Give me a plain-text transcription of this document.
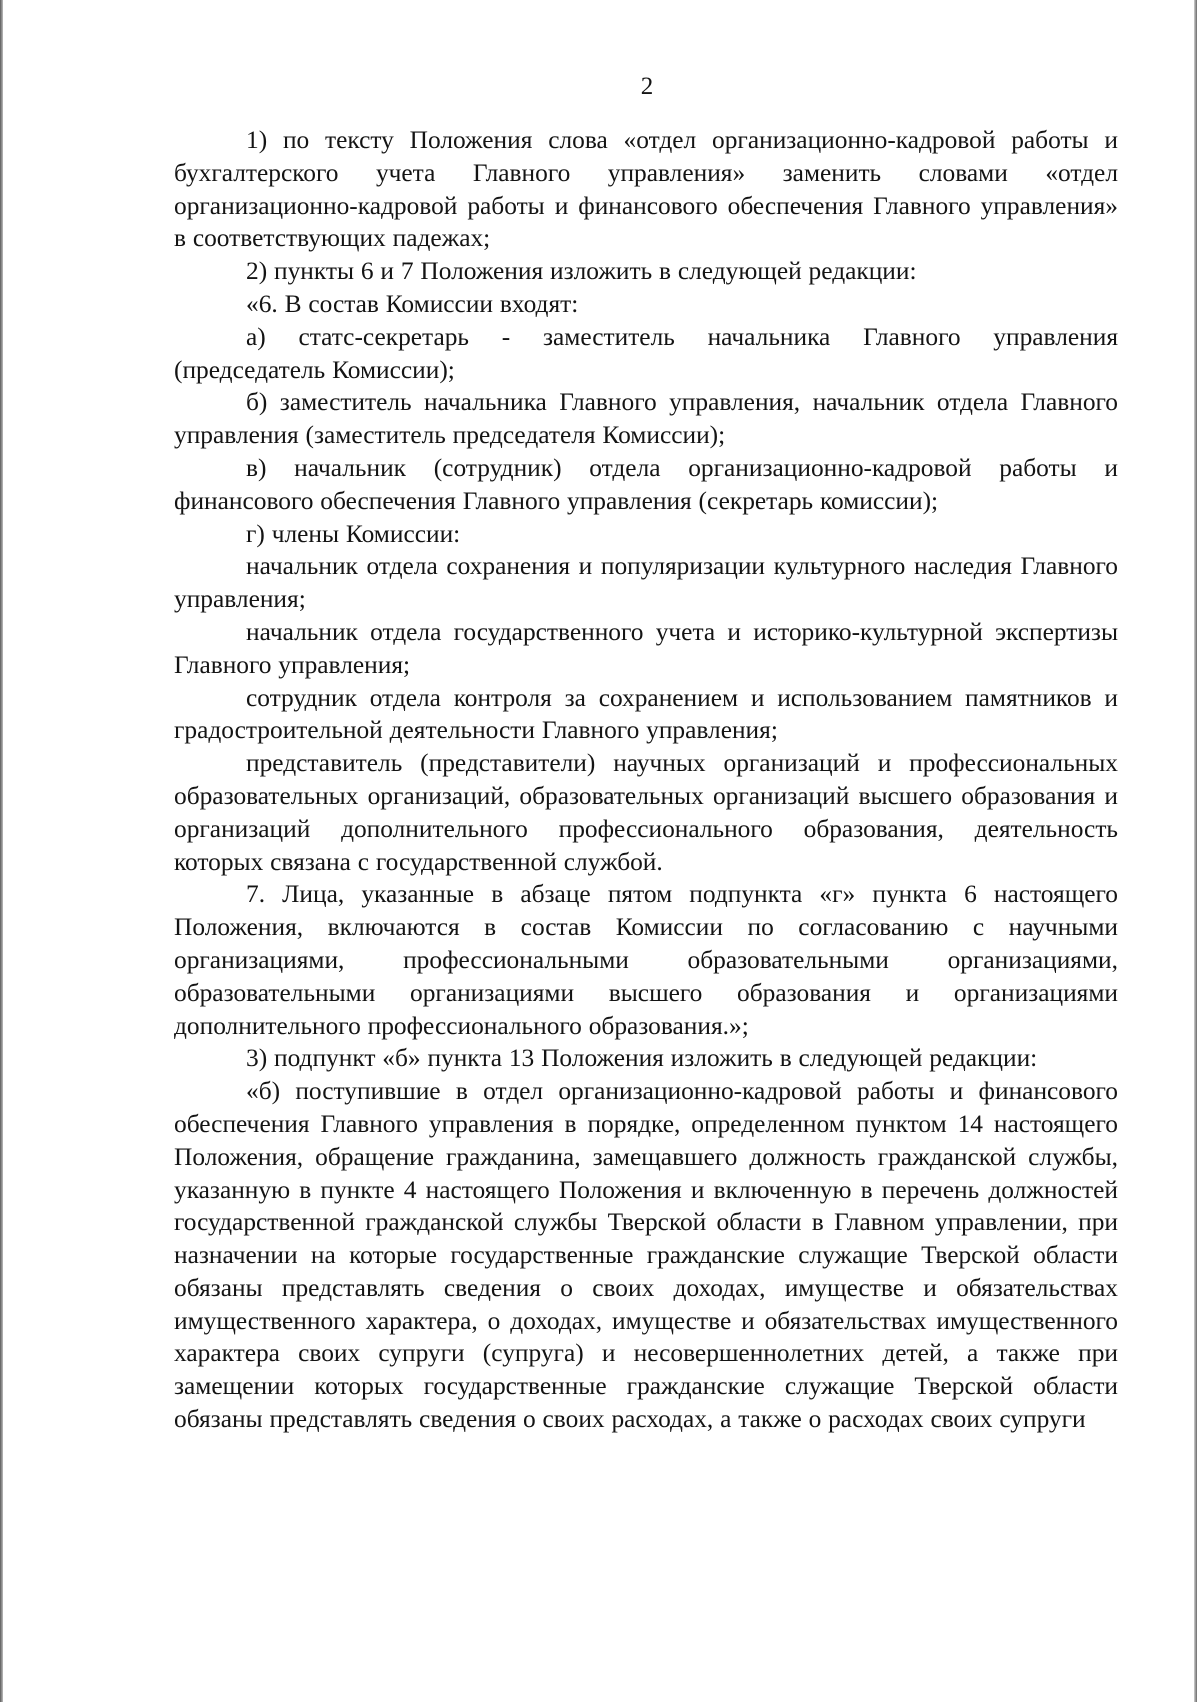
2

1) по тексту Положения слова «отдел организационно-кадровой работы и бухгалтерского учета Главного управления» заменить словами «отдел организационно-кадровой работы и финансового обеспечения Главного управления» в соответствующих падежах;

2) пункты 6 и 7 Положения изложить в следующей редакции:

«6. В состав Комиссии входят:

а) статс-секретарь - заместитель начальника Главного управления (председатель Комиссии);

б) заместитель начальника Главного управления, начальник отдела Главного управления (заместитель председателя Комиссии);

в) начальник (сотрудник) отдела организационно-кадровой работы и финансового обеспечения Главного управления (секретарь комиссии);

г) члены Комиссии:

начальник отдела сохранения и популяризации культурного наследия Главного управления;

начальник отдела государственного учета и историко-культурной экспертизы Главного управления;

сотрудник отдела контроля за сохранением и использованием памятников и градостроительной деятельности Главного управления;

представитель (представители) научных организаций и профессиональных образовательных организаций, образовательных организаций высшего образования и организаций дополнительного профессионального образования, деятельность которых связана с государственной службой.

7. Лица, указанные в абзаце пятом подпункта «г» пункта 6 настоящего Положения, включаются в состав Комиссии по согласованию с научными организациями, профессиональными образовательными организациями, образовательными организациями высшего образования и организациями дополнительного профессионального образования.»;

3) подпункт «б» пункта 13 Положения изложить в следующей редакции:

«б) поступившие в отдел организационно-кадровой работы и финансового обеспечения Главного управления в порядке, определенном пунктом 14 настоящего Положения, обращение гражданина, замещавшего должность гражданской службы, указанную в пункте 4 настоящего Положения и включенную в перечень должностей государственной гражданской службы Тверской области в Главном управлении, при назначении на которые государственные гражданские служащие Тверской области обязаны представлять сведения о своих доходах, имуществе и обязательствах имущественного характера, о доходах, имуществе и обязательствах имущественного характера своих супруги (супруга) и несовершеннолетних детей, а также при замещении которых государственные гражданские служащие Тверской области обязаны представлять сведения о своих расходах, а также о расходах своих супруги
